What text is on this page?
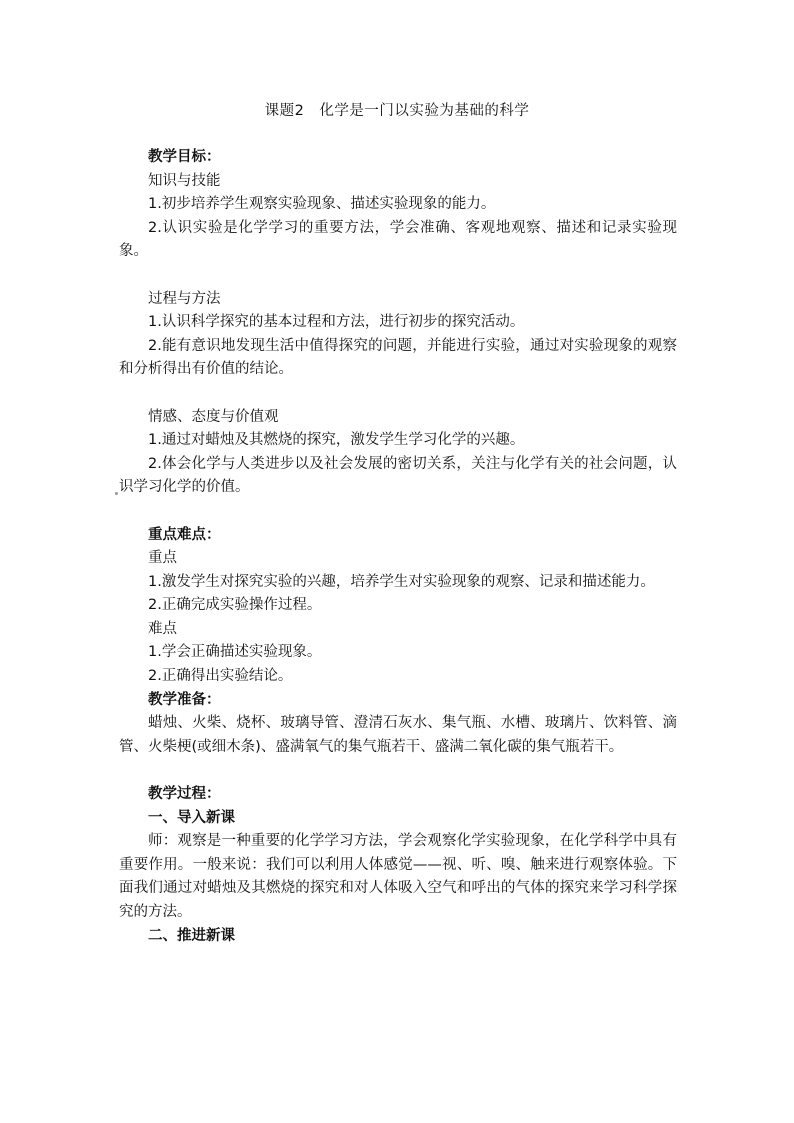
课题2　化学是一门以实验为基础的科学

教学目标：

知识与技能

1.初步培养学生观察实验现象、描述实验现象的能力。

2.认识实验是化学学习的重要方法，学会准确、客观地观察、描述和记录实验现象。

过程与方法

1.认识科学探究的基本过程和方法，进行初步的探究活动。

2.能有意识地发现生活中值得探究的问题，并能进行实验，通过对实验现象的观察和分析得出有价值的结论。

情感、态度与价值观

1.通过对蜡烛及其燃烧的探究，激发学生学习化学的兴趣。

2.体会化学与人类进步以及社会发展的密切关系，关注与化学有关的社会问题，认识学习化学的价值。

重点难点：

重点

1.激发学生对探究实验的兴趣，培养学生对实验现象的观察、记录和描述能力。

2.正确完成实验操作过程。

难点

1.学会正确描述实验现象。

2.正确得出实验结论。

教学准备：

蜡烛、火柴、烧杯、玻璃导管、澄清石灰水、集气瓶、水槽、玻璃片、饮料管、滴管、火柴梗(或细木条)、盛满氧气的集气瓶若干、盛满二氧化碳的集气瓶若干。

教学过程：

一、导入新课

师：观察是一种重要的化学学习方法，学会观察化学实验现象，在化学科学中具有重要作用。一般来说：我们可以利用人体感觉——视、听、嗅、触来进行观察体验。下面我们通过对蜡烛及其燃烧的探究和对人体吸入空气和呼出的气体的探究来学习科学探究的方法。

二、推进新课
